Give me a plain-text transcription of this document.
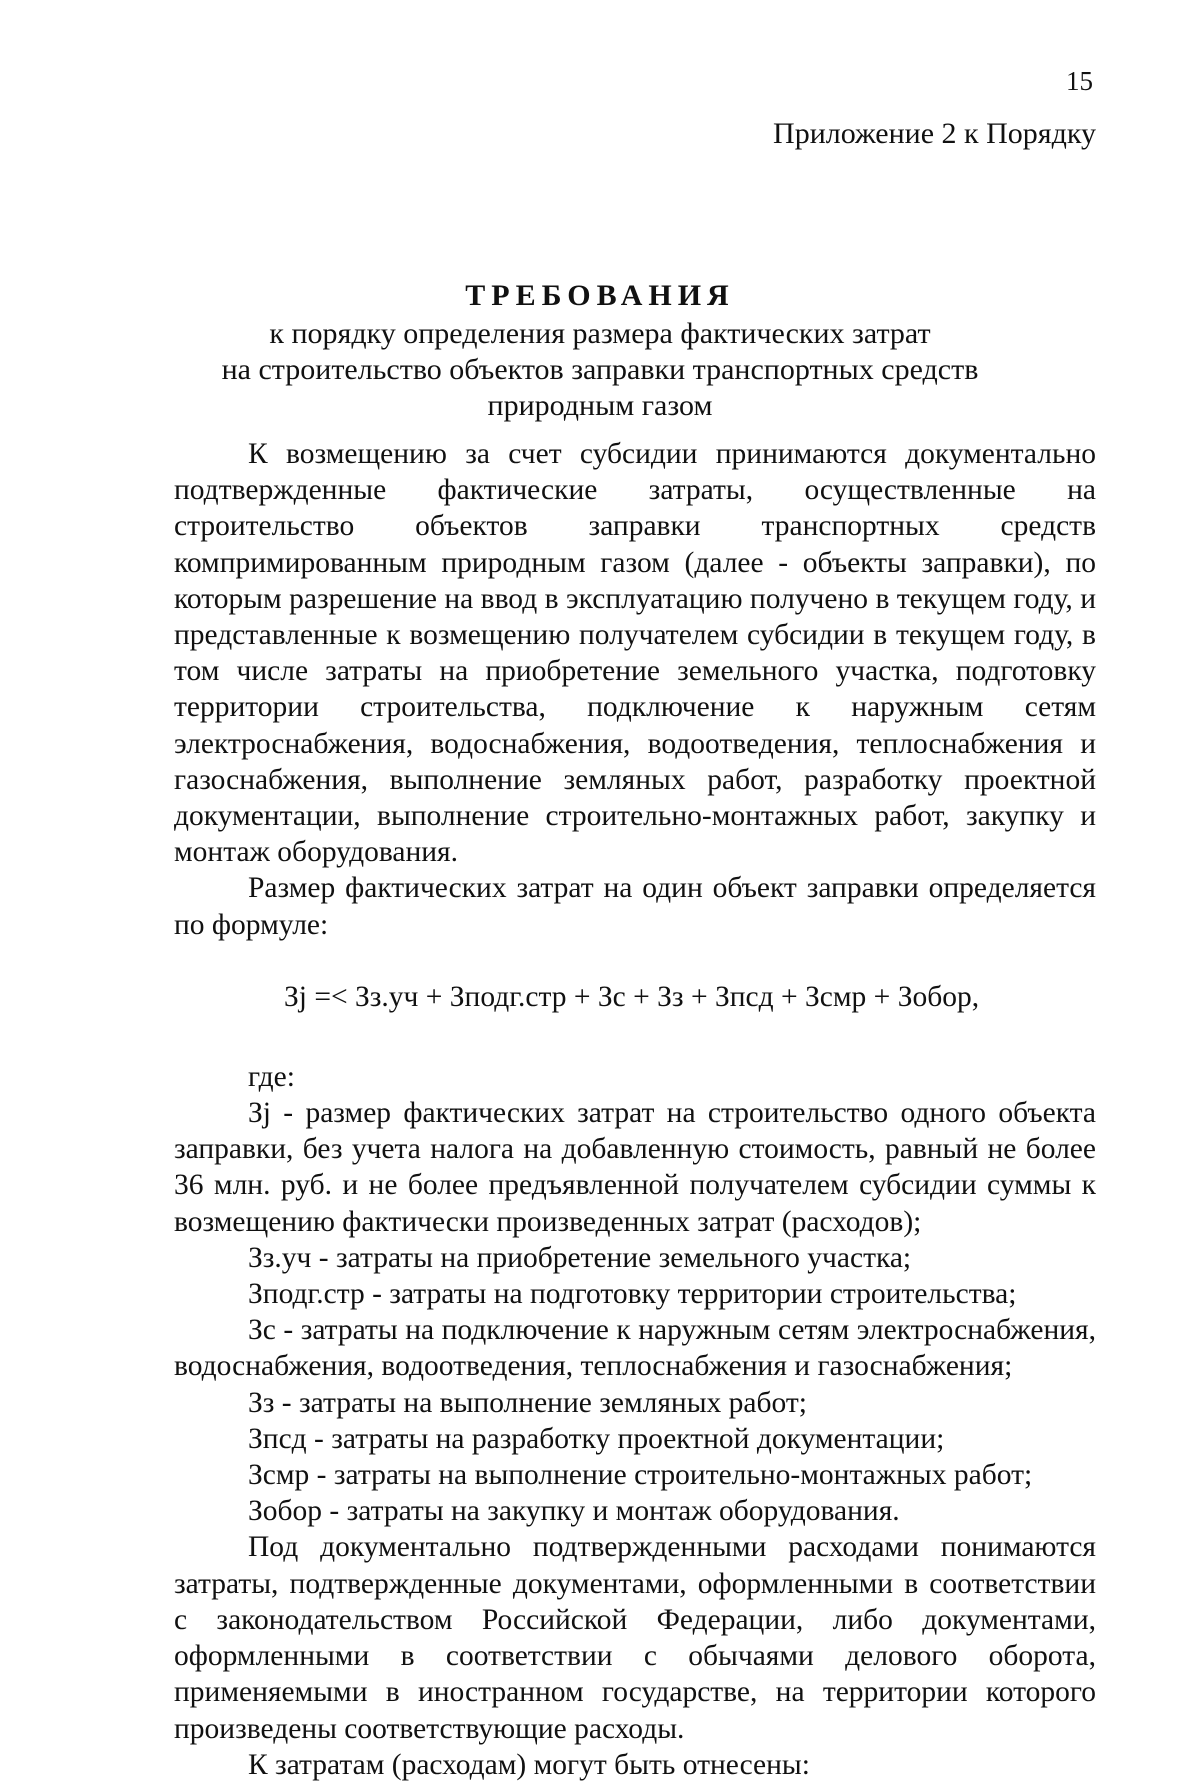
15
Приложение 2 к Порядку

ТРЕБОВАНИЯ

к порядку определения размера фактических затрат

на строительство объектов заправки транспортных средств

природным газом

К возмещению за счет субсидии принимаются документально подтвержденные фактические затраты, осуществленные на строительство объектов заправки транспортных средств компримированным природным газом (далее - объекты заправки), по которым разрешение на ввод в эксплуатацию получено в текущем году, и представленные к возмещению получателем субсидии в текущем году, в том числе затраты на приобретение земельного участка, подготовку территории строительства, подключение к наружным сетям электроснабжения, водоснабжения, водоотведения, теплоснабжения и газоснабжения, выполнение земляных работ, разработку проектной документации, выполнение строительно-монтажных работ, закупку и монтаж оборудования.

Размер фактических затрат на один объект заправки определяется по формуле:

Зj =< Зз.уч + Зподг.стр + Зс + Зз + Зпсд + Зсмр + Зобор,

где:

Зj - размер фактических затрат на строительство одного объекта заправки, без учета налога на добавленную стоимость, равный не более 36 млн. руб. и не более предъявленной получателем субсидии суммы к возмещению фактически произведенных затрат (расходов);

Зз.уч - затраты на приобретение земельного участка;

Зподг.стр - затраты на подготовку территории строительства;

Зс - затраты на подключение к наружным сетям электроснабжения, водоснабжения, водоотведения, теплоснабжения и газоснабжения;

Зз - затраты на выполнение земляных работ;

Зпсд - затраты на разработку проектной документации;

Зсмр - затраты на выполнение строительно-монтажных работ;

Зобор - затраты на закупку и монтаж оборудования.

Под документально подтвержденными расходами понимаются затраты, подтвержденные документами, оформленными в соответствии с законодательством Российской Федерации, либо документами, оформленными в соответствии с обычаями делового оборота, применяемыми в иностранном государстве, на территории которого произведены соответствующие расходы.

К затратам (расходам) могут быть отнесены:
